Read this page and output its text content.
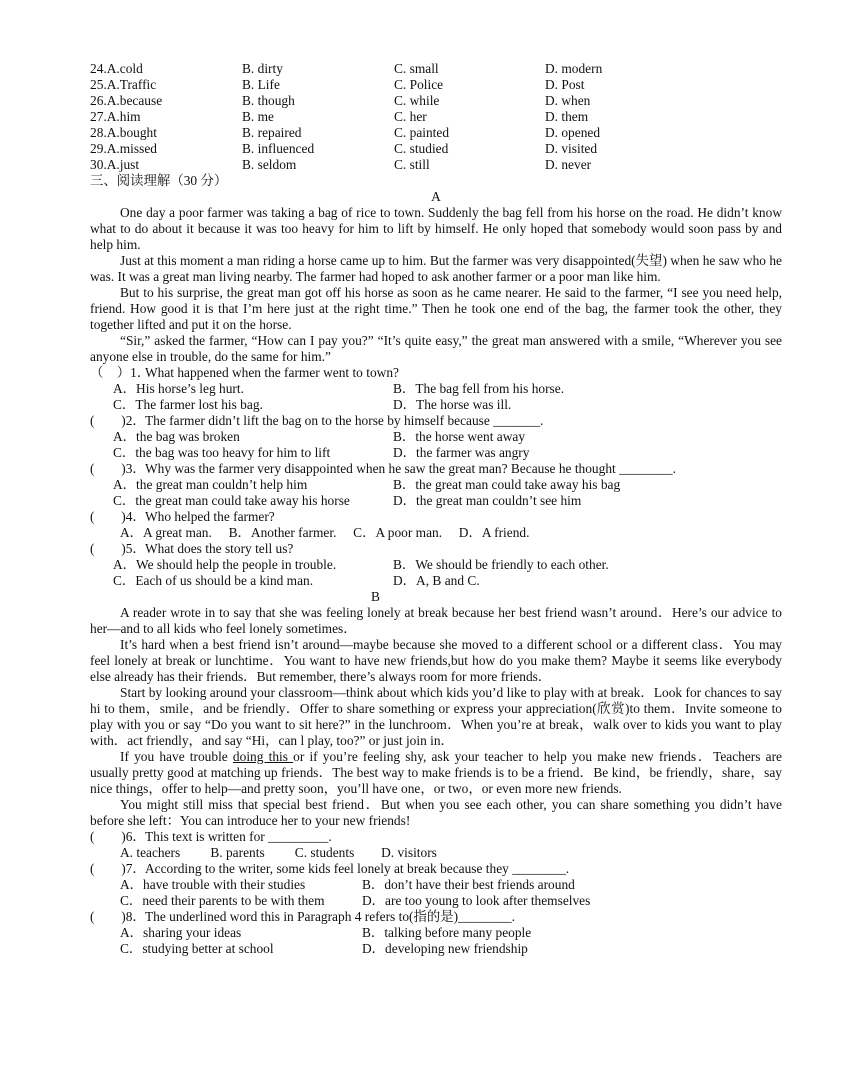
24.A.cold	B. dirty	C. small	D. modern
25.A.Traffic	B. Life	C. Police	D. Post
26.A.because	B. though	C. while	D. when
27.A.him	B. me	C. her	D. them
28.A.bought	B. repaired	C. painted	D. opened
29.A.missed	B. influenced	C. studied	D. visited
30.A.just	B. seldom	C. still	D. never
三、阅读理解（30 分）
A

One day a poor farmer was taking a bag of rice to town. Suddenly the bag fell from his horse on the road. He didn’t know what to do about it because it was too heavy for him to lift by himself. He only hoped that somebody would soon pass by and help him.

Just at this moment a man riding a horse came up to him. But the farmer was very disappointed(失望) when he saw who he was. It was a great man living nearby. The farmer had hoped to ask another farmer or a poor man like him.

But to his surprise, the great man got off his horse as soon as he came nearer. He said to the farmer, “I see you need help, friend. How good it is that I’m here just at the right time.” Then he took one end of the bag, the farmer took the other, they together lifted and put it on the horse.

“Sir,” asked the farmer, “How can I pay you?” “It’s quite easy,” the great man answered with a smile, “Wherever you see anyone else in trouble, do the same for him.”

（　）1．
What happened when the farmer went to town?
A．His horse’s leg hurt.	B．The bag fell from his horse.
C．The farmer lost his bag.	D．The horse was ill.
(　　)2． The farmer didn’t lift the bag on to the horse by himself because _______.
A．the bag was broken	B．the horse went away
C．the bag was too heavy for him to lift	D．the farmer was angry
(　　)3． Why was the farmer very disappointed when he saw the great man? Because he thought ________.
A．the great man couldn’t help him	B．the great man could take away his bag
C．the great man could take away his horse	D．the great man couldn’t see him
(　　)4． Who helped the farmer?
A．A great man.　 B．Another farmer.　 C．A poor man.　 D．A friend.
(　　)5． What does the story tell us?
A．We should help the people in trouble.	B．We should be friendly to each other.
C．Each of us should be a kind man.	D．A, B and C.
B

A reader wrote in to say that she was feeling lonely at break because her best friend wasn’t around．Here’s our advice to her—and to all kids who feel lonely sometimes．

It’s hard when a best friend isn’t around—maybe because she moved to a different school or a different class．You may feel lonely at break or lunchtime．You want to have new friends,but how do you make them? Maybe it seems like everybody else already has their friends．But remember, there’s always room for more friends．

Start by looking around your classroom—think about which kids you’d like to play with at break．Look for chances to say hi to them，smile，and be friendly．Offer to share something or express your appreciation(欣赏)to them．Invite someone to play with you or say “Do you want to sit here?” in the lunchroom．When you’re at break，walk over to kids you want to play with．act friendly，and say “Hi，can l play, too?” or just join in．

If you have trouble doing this or if you’re feeling shy, ask your teacher to help you make new friends．Teachers are usually pretty good at matching up friends．The best way to make friends is to be a friend．Be kind，be friendly，share，say nice things，offer to help—and pretty soon，you’ll have one，or two，or even more new friends.

You might still miss that special best friend．But when you see each other, you can share something you didn’t have before she left：You can introduce her to your new friends!

(　　)6． This text is written for _________.
A. teachers　　 B. parents　　 C. students　　D. visitors
(　　)7． According to the writer, some kids feel lonely at break because they ________.
A．have trouble with their studies	B．don’t have their best friends around
C．need their parents to be with them	D．are too young to look after themselves
(　　)8． The underlined word this in Paragraph 4 refers to(指的是)________.
A．sharing your ideas	B．talking before many people
C．studying better at school	D．developing new friendship
